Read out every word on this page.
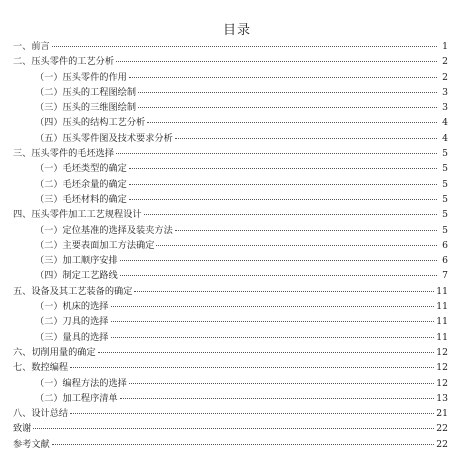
目录
一、前言	1
二、压头零件的工艺分析	2
（一）压头零件的作用	2
（二）压头的工程图绘制	3
（三）压头的三维图绘制	3
（四）压头的结构工艺分析	4
（五）压头零件图及技术要求分析	4
三、压头零件的毛坯选择	5
（一）毛坯类型的确定	5
（二）毛坯余量的确定	5
（三）毛坯材料的确定	5
四、压头零件加工工艺规程设计	5
（一）定位基准的选择及装夹方法	5
（二）主要表面加工方法确定	6
（三）加工顺序安排	6
（四）制定工艺路线	7
五、设备及其工艺装备的确定	11
（一）机床的选择	11
（二）刀具的选择	11
（三）量具的选择	11
六、切削用量的确定	12
七、数控编程	12
（一）编程方法的选择	12
（二）加工程序清单	13
八、设计总结	21
致谢	22
参考文献	22
